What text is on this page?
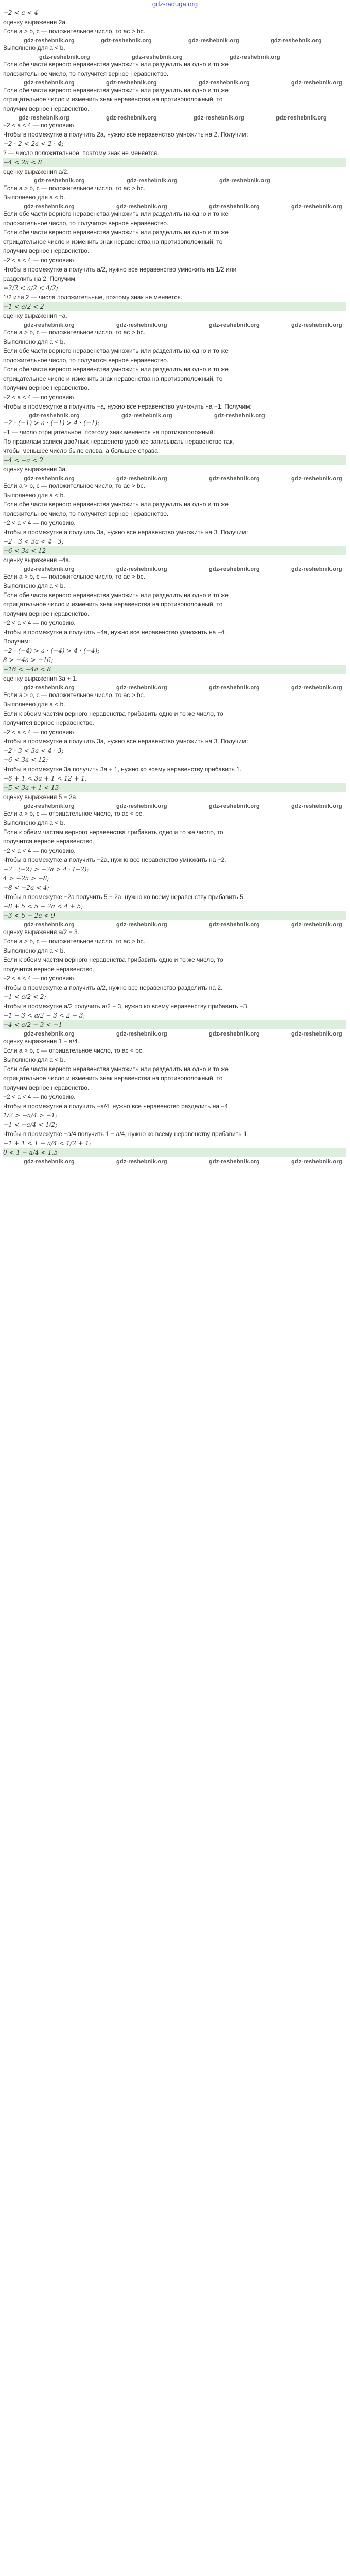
gdz-raduga.org
−2 < a < 4
оценку выражения 2a.
Если a > b, c — положительное число, то ac > bc.
gdz-reshebnik.org	gdz-reshebnik.org	gdz-reshebnik.org	gdz-reshebnik.org
Выполнено для a < b.
gdz-reshebnik.org	gdz-reshebnik.org	gdz-reshebnik.org
Если обе части верного неравенства умножить или разделить на одно и то же
положительное число, то получится верное неравенство.
gdz-reshebnik.org	gdz-reshebnik.org	gdz-reshebnik.org	gdz-reshebnik.org
Если обе части верного неравенства умножить или разделить на одно и то же
отрицательное число и изменить знак неравенства на противоположный, то
получим верное неравенство.
gdz-reshebnik.org	gdz-reshebnik.org	gdz-reshebnik.org	gdz-reshebnik.org
−2 < a < 4 — по условию.
Чтобы в промежутке a получить 2a, нужно все неравенство умножить на 2. Получим:
−2 · 2 < 2a < 2 · 4;
2 — число положительное, поэтому знак не меняется.
−4 < 2a < 8
оценку выражения a/2.
gdz-reshebnik.org	gdz-reshebnik.org	gdz-reshebnik.org
Если a > b, c — положительное число, то ac > bc.
Выполнено для a < b.
gdz-reshebnik.org	gdz-reshebnik.org	gdz-reshebnik.org	gdz-reshebnik.org
Если обе части верного неравенства умножить или разделить на одно и то же
положительное число, то получится верное неравенство.
Если обе части верного неравенства умножить или разделить на одно и то же
отрицательное число и изменить знак неравенства на противоположный, то
получим верное неравенство.
−2 < a < 4 — по условию.
Чтобы в промежутке a получить a/2, нужно все неравенство умножить на 1/2 или
разделить на 2. Получим:
−2/2 < a/2 < 4/2;
1/2 или 2 — числа положительные, поэтому знак не меняется.
−1 < a/2 < 2
оценку выражения −a.
gdz-reshebnik.org	gdz-reshebnik.org	gdz-reshebnik.org	gdz-reshebnik.org
Если a > b, c — положительное число, то ac > bc.
Выполнено для a < b.
Если обе части верного неравенства умножить или разделить на одно и то же
положительное число, то получится верное неравенство.
Если обе части верного неравенства умножить или разделить на одно и то же
отрицательное число и изменить знак неравенства на противоположный, то
получим верное неравенство.
−2 < a < 4 — по условию.
Чтобы в промежутке a получить −a, нужно все неравенство умножить на −1. Получим:
gdz-reshebnik.org	gdz-reshebnik.org	gdz-reshebnik.org
−2 · (−1) > a · (−1) > 4 · (−1);
−1 — число отрицательное, поэтому знак меняется на противоположный.
По правилам записи двойных неравенств удобнее записывать неравенство так,
чтобы меньшее число было слева, а большее справа:
−4 < −a < 2
оценку выражения 3a.
gdz-reshebnik.org	gdz-reshebnik.org	gdz-reshebnik.org	gdz-reshebnik.org
Если a > b, c — положительное число, то ac > bc.
Выполнено для a < b.
Если обе части верного неравенства умножить или разделить на одно и то же
положительное число, то получится верное неравенство.
−2 < a < 4 — по условию.
Чтобы в промежутке a получить 3a, нужно все неравенство умножить на 3. Получим:
−2 · 3 < 3a < 4 · 3;
−6 < 3a < 12
оценку выражения −4a.
gdz-reshebnik.org	gdz-reshebnik.org	gdz-reshebnik.org	gdz-reshebnik.org
Если a > b, c — положительное число, то ac > bc.
Выполнено для a < b.
Если обе части верного неравенства умножить или разделить на одно и то же
отрицательное число и изменить знак неравенства на противоположный, то
получим верное неравенство.
−2 < a < 4 — по условию.
Чтобы в промежутке a получить −4a, нужно все неравенство умножить на −4.
Получим:
−2 · (−4) > a · (−4) > 4 · (−4);
8 > −4a > −16;
−16 < −4a < 8
оценку выражения 3a + 1.
gdz-reshebnik.org	gdz-reshebnik.org	gdz-reshebnik.org	gdz-reshebnik.org
Если a > b, c — положительное число, то ac > bc.
Выполнено для a < b.
Если к обеим частям верного неравенства прибавить одно и то же число, то
получится верное неравенство.
−2 < a < 4 — по условию.
Чтобы в промежутке a получить 3a, нужно все неравенство умножить на 3. Получим:
−2 · 3 < 3a < 4 · 3;
−6 < 3a < 12;
Чтобы в промежутке 3a получить 3a + 1, нужно ко всему неравенству прибавить 1.
−6 + 1 < 3a + 1 < 12 + 1;
−5 < 3a + 1 < 13
оценку выражения 5 − 2a.
gdz-reshebnik.org	gdz-reshebnik.org	gdz-reshebnik.org	gdz-reshebnik.org
Если a > b, c — отрицательное число, то ac < bc.
Выполнено для a < b.
Если к обеим частям верного неравенства прибавить одно и то же число, то
получится верное неравенство.
−2 < a < 4 — по условию.
Чтобы в промежутке a получить −2a, нужно все неравенство умножить на −2.
−2 · (−2) > −2a > 4 · (−2);
4 > −2a > −8;
−8 < −2a < 4;
Чтобы в промежутке −2a получить 5 − 2a, нужно ко всему неравенству прибавить 5.
−8 + 5 < 5 − 2a < 4 + 5;
−3 < 5 − 2a < 9
gdz-reshebnik.org	gdz-reshebnik.org	gdz-reshebnik.org	gdz-reshebnik.org
оценку выражения a/2 − 3.
Если a > b, c — положительное число, то ac > bc.
Выполнено для a < b.
Если к обеим частям верного неравенства прибавить одно и то же число, то
получится верное неравенство.
−2 < a < 4 — по условию.
Чтобы в промежутке a получить a/2, нужно все неравенство разделить на 2.
−1 < a/2 < 2;
Чтобы в промежутке a/2 получить a/2 − 3, нужно ко всему неравенству прибавить −3.
−1 − 3 < a/2 − 3 < 2 − 3;
−4 < a/2 − 3 < −1
gdz-reshebnik.org	gdz-reshebnik.org	gdz-reshebnik.org	gdz-reshebnik.org
оценку выражения 1 − a/4.
Если a > b, c — отрицательное число, то ac < bc.
Выполнено для a < b.
Если обе части верного неравенства умножить или разделить на одно и то же
отрицательное число и изменить знак неравенства на противоположный, то
получим верное неравенство.
−2 < a < 4 — по условию.
Чтобы в промежутке a получить −a/4, нужно все неравенство разделить на −4.
1/2 > −a/4 > −1;
−1 < −a/4 < 1/2;
Чтобы в промежутке −a/4 получить 1 − a/4, нужно ко всему неравенству прибавить 1.
−1 + 1 < 1 − a/4 < 1/2 + 1;
0 < 1 − a/4 < 1,5
gdz-reshebnik.org	gdz-reshebnik.org	gdz-reshebnik.org	gdz-reshebnik.org
